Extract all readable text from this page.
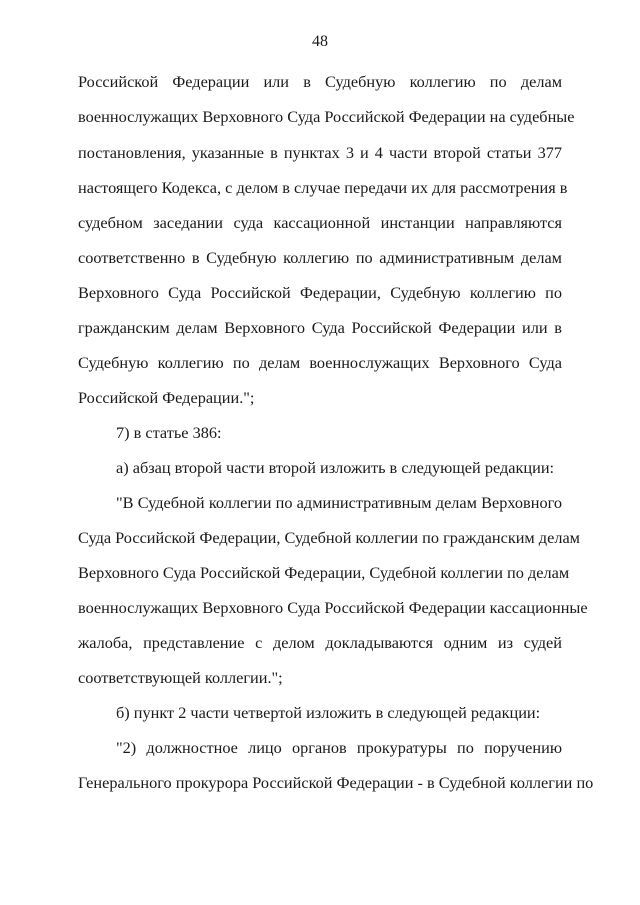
48
Российской Федерации или в Судебную коллегию по делам
военнослужащих Верховного Суда Российской Федерации на судебные
постановления, указанные в пунктах 3 и 4 части второй статьи 377
настоящего Кодекса, с делом в случае передачи их для рассмотрения в
судебном заседании суда кассационной инстанции направляются
соответственно в Судебную коллегию по административным делам
Верховного Суда Российской Федерации, Судебную коллегию по
гражданским делам Верховного Суда Российской Федерации или в
Судебную коллегию по делам военнослужащих Верховного Суда
Российской Федерации.";
7) в статье 386:
а) абзац второй части второй изложить в следующей редакции:
"В Судебной коллегии по административным делам Верховного
Суда Российской Федерации, Судебной коллегии по гражданским делам
Верховного Суда Российской Федерации, Судебной коллегии по делам
военнослужащих Верховного Суда Российской Федерации кассационные
жалоба, представление с делом докладываются одним из судей
соответствующей коллегии.";
б) пункт 2 части четвертой изложить в следующей редакции:
"2) должностное лицо органов прокуратуры по поручению
Генерального прокурора Российской Федерации - в Судебной коллегии по
